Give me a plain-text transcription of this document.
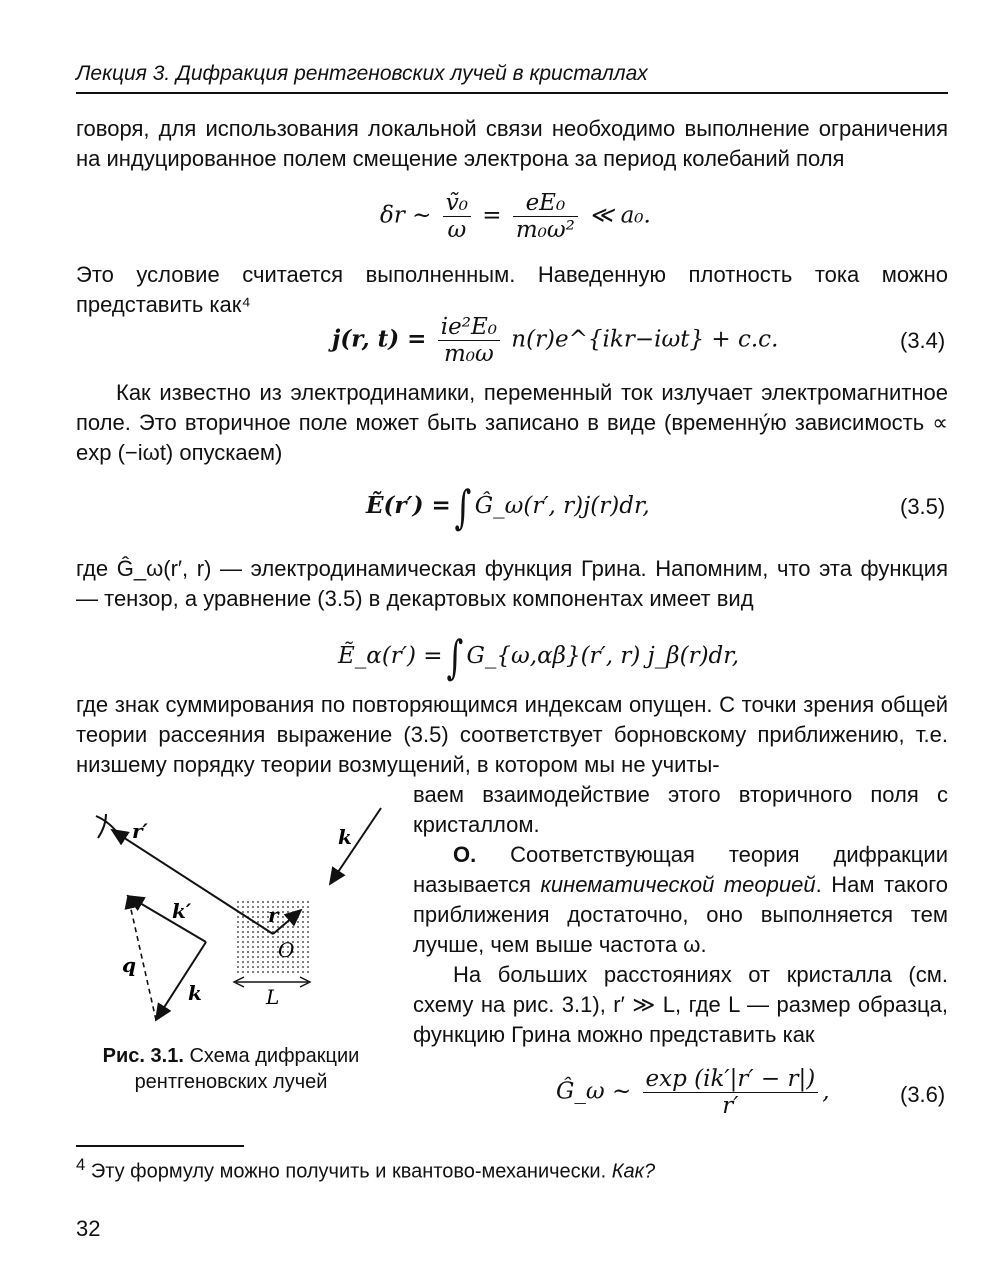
Лекция 3. Дифракция рентгеновских лучей в кристаллах
говоря, для использования локальной связи необходимо выполнение ограничения на индуцированное полем смещение электрона за период колебаний поля
δr ∼ $\frac{\text{ṽ₀}}{\omega} = \frac{\text{eE₀}}{\text{m₀ω²}}$ ≪ a₀.
Это условие считается выполненным. Наведенную плотность тока можно представить как⁴
j(r, $t) = \frac{\text{ie²E₀}}{\text{m₀ω}}$ n(r)e^{ikr−iωt} + c.c.	(3.4)
Как известно из электродинамики, переменный ток излучает электромагнитное поле. Это вторичное поле может быть записано в виде (временну́ю зависимость ∝ exp (−iωt) опускаем)
Ẽ(r′) =∫ Ĝ_ω(r′, r)j(r)dr,	(3.5)
где Ĝ_ω(r′, r) — электродинамическая функция Грина. Напомним, что эта функция — тензор, а уравнение (3.5) в декартовых компонентах имеет вид
Ẽ_α(r′) =∫ G_{ω,αβ}(r′, r) j_β(r)dr,
где знак суммирования по повторяющимся индексам опущен. С точки зрения общей теории рассеяния выражение (3.5) соответствует борновскому приближению, т.е. низшему порядку теории возмущений, в котором мы не учиты-
r′	k
k′	r
O
q
k	L
Рис. 3.1. Схема дифракции рентгеновских лучей
ваем взаимодействие этого вторичного поля с кристаллом.
O. Соответствующая теория дифракции называется кинематической теорией. Нам такого приближения достаточно, оно выполняется тем лучше, чем выше частота ω.
На больших расстояниях от кристалла (см. схему на рис. 3.1), r′ ≫ L, где L — размер образца, функцию Грина можно представить как
Ĝ_ω ∼ $\frac{\exp (ik'|r' - r|)}{r'}$ ,	(3.6)
$^4$ Эту формулу можно получить и квантово-механически. Как?
32
